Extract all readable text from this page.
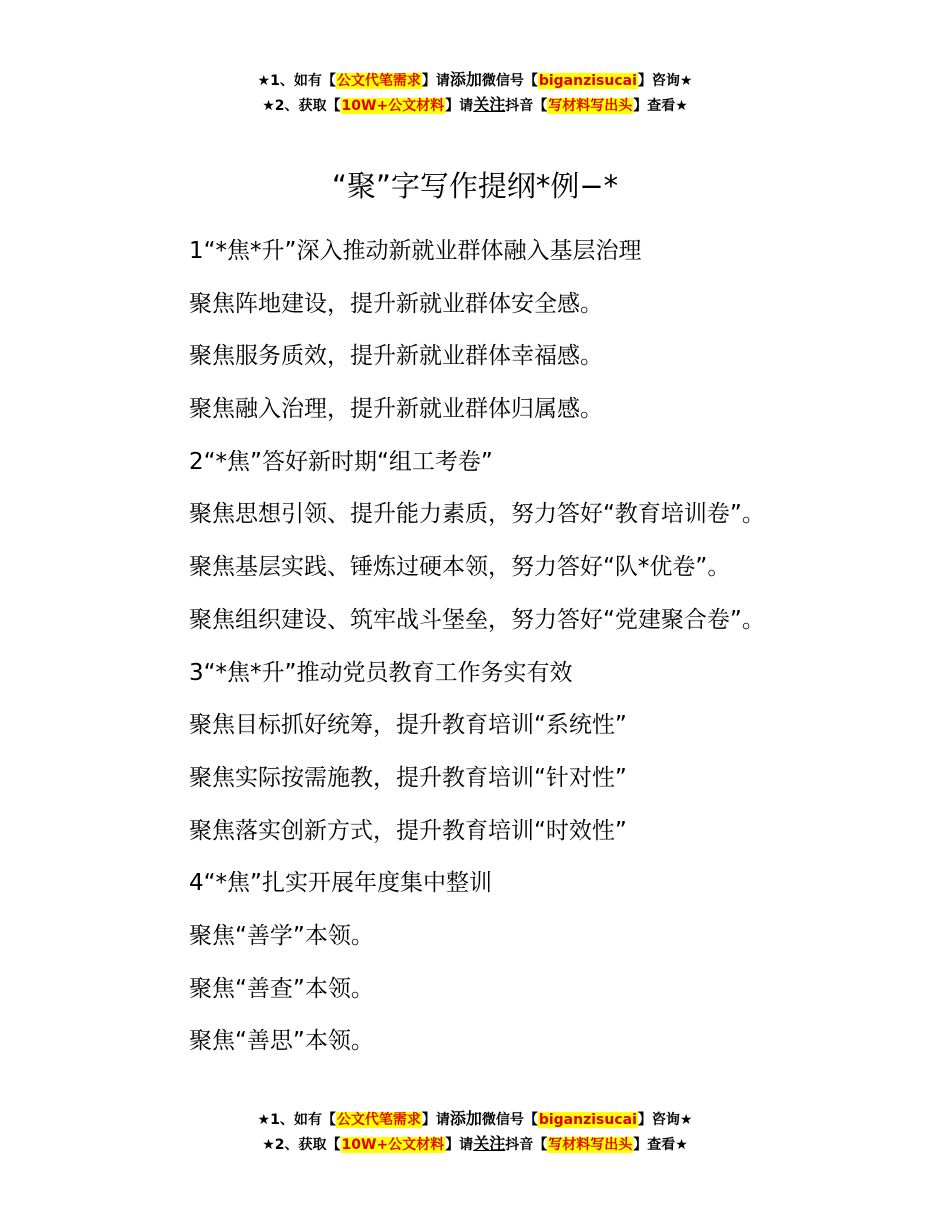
★1、如有【公文代笔需求】请添加微信号【biganzisucai】咨询★
★2、获取【10W+公文材料】请关注抖音【写材料写出头】查看★
“聚”字写作提纲*例−*
1“*焦*升”深入推动新就业群体融入基层治理
聚焦阵地建设，提升新就业群体安全感。
聚焦服务质效，提升新就业群体幸福感。
聚焦融入治理，提升新就业群体归属感。
2“*焦”答好新时期“组工考卷”
聚焦思想引领、提升能力素质，努力答好“教育培训卷”。
聚焦基层实践、锤炼过硬本领，努力答好“队*优卷”。
聚焦组织建设、筑牢战斗堡垒，努力答好“党建聚合卷”。
3“*焦*升”推动党员教育工作务实有效
聚焦目标抓好统筹，提升教育培训“系统性”
聚焦实际按需施教，提升教育培训“针对性”
聚焦落实创新方式，提升教育培训“时效性”
4“*焦”扎实开展年度集中整训
聚焦“善学”本领。
聚焦“善查”本领。
聚焦“善思”本领。
★1、如有【公文代笔需求】请添加微信号【biganzisucai】咨询★
★2、获取【10W+公文材料】请关注抖音【写材料写出头】查看★
